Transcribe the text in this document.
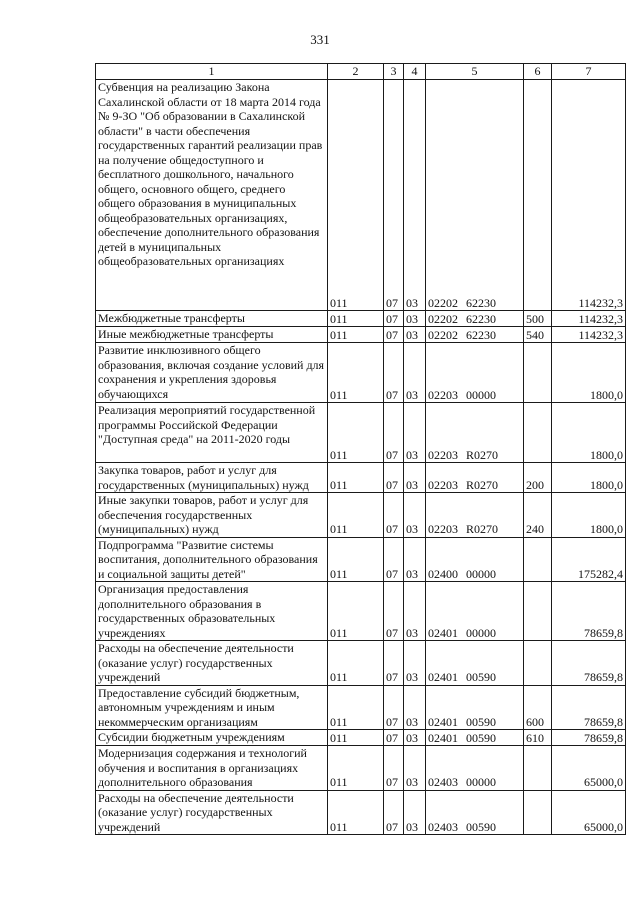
331
1	2	3	4	5	6	7

Субвенция на реализацию Закона Сахалинской области от 18 марта 2014 года № 9-ЗО "Об образовании в Сахалинской области" в части обеспечения государственных гарантий реализации прав на получение общедоступного и бесплатного дошкольного, начального общего, основного общего, среднего общего образования в муниципальных общеобразовательных организациях, обеспечение дополнительного образования детей в муниципальных общеобразовательных организациях	011	07	03	02202 62230		114232,3

Межбюджетные трансферты	011	07	03	02202 62230	500	114232,3

Иные межбюджетные трансферты	011	07	03	02202 62230	540	114232,3

Развитие инклюзивного общего образования, включая создание условий для сохранения и укрепления здоровья обучающихся	011	07	03	02203 00000		1800,0

Реализация мероприятий государственной программы Российской Федерации "Доступная среда" на 2011-2020 годы	011	07	03	02203 R0270		1800,0

Закупка товаров, работ и услуг для государственных (муниципальных) нужд	011	07	03	02203 R0270	200	1800,0

Иные закупки товаров, работ и услуг для обеспечения государственных (муниципальных) нужд	011	07	03	02203 R0270	240	1800,0

Подпрограмма "Развитие системы воспитания, дополнительного образования и социальной защиты детей"	011	07	03	02400 00000		175282,4

Организация предоставления дополнительного образования в государственных образовательных учреждениях	011	07	03	02401 00000		78659,8

Расходы на обеспечение деятельности (оказание услуг) государственных учреждений	011	07	03	02401 00590		78659,8

Предоставление субсидий бюджетным, автономным учреждениям и иным некоммерческим организациям	011	07	03	02401 00590	600	78659,8

Субсидии бюджетным учреждениям	011	07	03	02401 00590	610	78659,8

Модернизация содержания и технологий обучения и воспитания в организациях дополнительного образования	011	07	03	02403 00000		65000,0

Расходы на обеспечение деятельности (оказание услуг) государственных учреждений	011	07	03	02403 00590		65000,0
